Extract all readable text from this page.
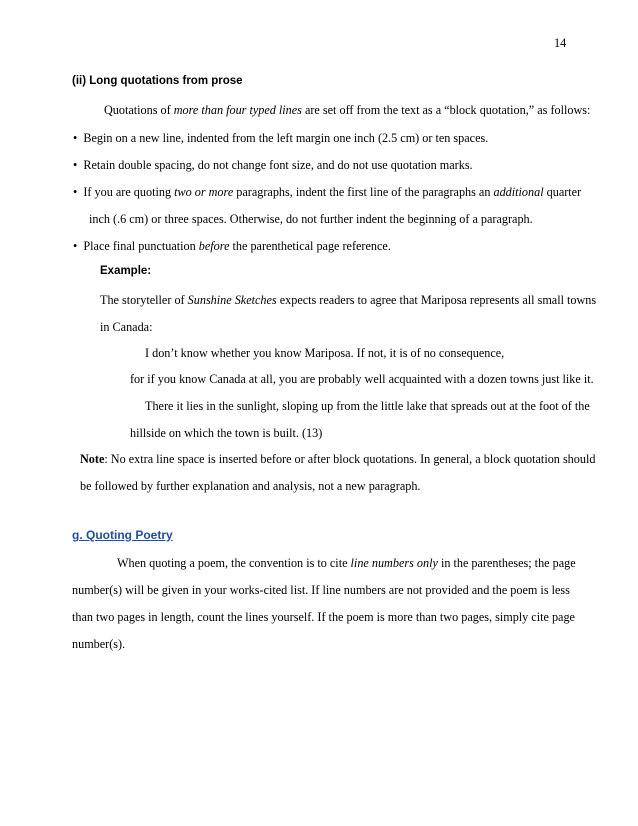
14
(ii) Long quotations from prose
Quotations of more than four typed lines are set off from the text as a “block quotation,” as follows:
• Begin on a new line, indented from the left margin one inch (2.5 cm) or ten spaces.
• Retain double spacing, do not change font size, and do not use quotation marks.
• If you are quoting two or more paragraphs, indent the first line of the paragraphs an additional quarter
inch (.6 cm) or three spaces. Otherwise, do not further indent the beginning of a paragraph.
• Place final punctuation before the parenthetical page reference.
Example:
The storyteller of Sunshine Sketches expects readers to agree that Mariposa represents all small towns
in Canada:
I don’t know whether you know Mariposa. If not, it is of no consequence,
for if you know Canada at all, you are probably well acquainted with a dozen towns just like it.
There it lies in the sunlight, sloping up from the little lake that spreads out at the foot of the
hillside on which the town is built. (13)
Note: No extra line space is inserted before or after block quotations. In general, a block quotation should
be followed by further explanation and analysis, not a new paragraph.
g. Quoting Poetry
When quoting a poem, the convention is to cite line numbers only in the parentheses; the page
number(s) will be given in your works-cited list. If line numbers are not provided and the poem is less
than two pages in length, count the lines yourself. If the poem is more than two pages, simply cite page
number(s).
